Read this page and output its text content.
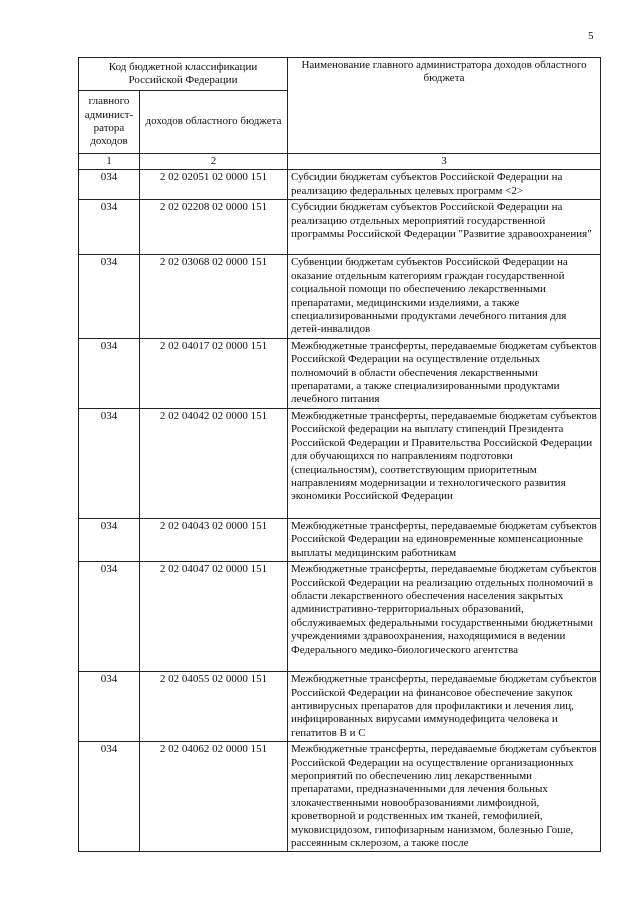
5
Код бюджетной классификации Российской Федерации		Наименование главного администратора доходов областного бюджета
главного админист-ратора доходов	доходов областного бюджета	
1	2	3
034	2 02 02051 02 0000 151	Субсидии бюджетам субъектов Российской Федерации на реализацию федеральных целевых программ <2>
034	2 02 02208 02 0000 151	Субсидии бюджетам субъектов Российской Федерации на реализацию отдельных мероприятий государственной программы Российской Федерации "Развитие здравоохранения"
034	2 02 03068 02 0000 151	Субвенции бюджетам субъектов Российской Федерации на оказание отдельным категориям граждан государственной социальной помощи по обеспечению лекарственными препаратами, медицинскими изделиями, а также специализированными продуктами лечебного питания для детей-инвалидов
034	2 02 04017 02 0000 151	Межбюджетные трансферты, передаваемые бюджетам субъектов Российской Федерации на осуществление отдельных полномочий в области обеспечения лекарственными препаратами, а также специализированными продуктами лечебного питания
034	2 02 04042 02 0000 151	Межбюджетные трансферты, передаваемые бюджетам субъектов Российской федерации на выплату стипендий Президента Российской Федерации и Правительства Российской Федерации для обучающихся по направлениям подготовки (специальностям), соответствующим приоритетным направлениям модернизации и технологического развития экономики Российской Федерации
034	2 02 04043 02 0000 151	Межбюджетные трансферты, передаваемые бюджетам субъектов Российской Федерации на единовременные компенсационные выплаты медицинским работникам
034	2 02 04047 02 0000 151	Межбюджетные трансферты, передаваемые бюджетам субъектов Российской Федерации на реализацию отдельных полномочий в области лекарственного обеспечения населения закрытых административно-территориальных образований, обслуживаемых федеральными государственными бюджетными учреждениями здравоохранения, находящимися в ведении Федерального медико-биологического агентства
034	2 02 04055 02 0000 151	Межбюджетные трансферты, передаваемые бюджетам субъектов Российской Федерации на финансовое обеспечение закупок антивирусных препаратов для профилактики и лечения лиц, инфицированных вирусами иммунодефицита человека и гепатитов В и С
034	2 02 04062 02 0000 151	Межбюджетные трансферты, передаваемые бюджетам субъектов Российской Федерации на осуществление организационных мероприятий по обеспечению лиц лекарственными препаратами, предназначенными для лечения больных злокачественными новообразованиями лимфоидной, кроветворной и родственных им тканей, гемофилией, муковисцидозом, гипофизарным нанизмом, болезнью Гоше, рассеянным склерозом, а также после
